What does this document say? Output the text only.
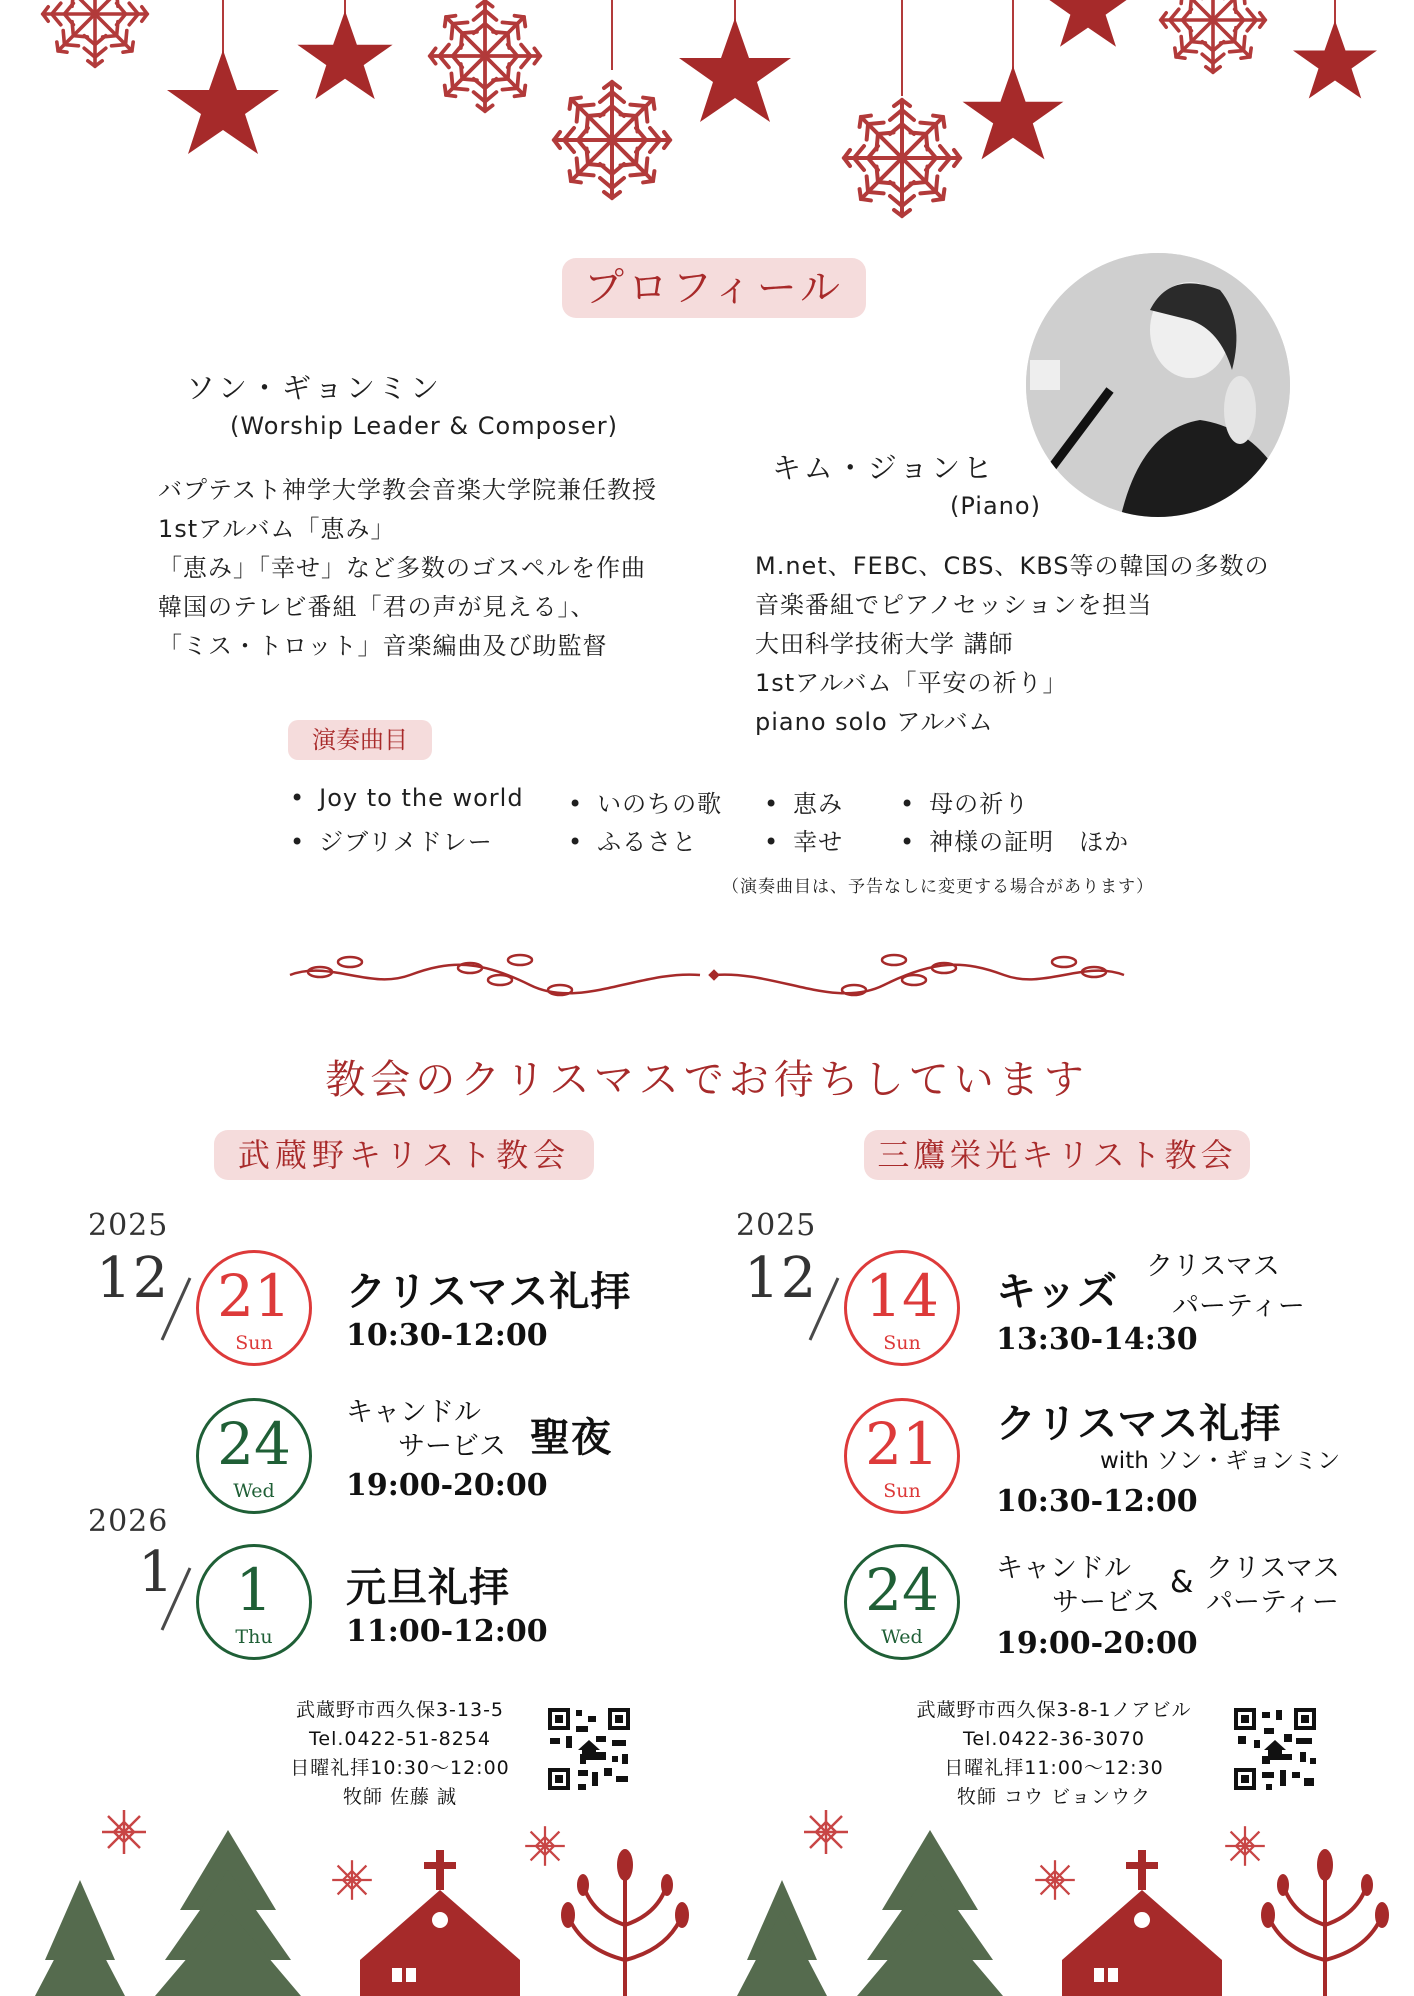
プロフィール
ソン・ギョンミン
(Worship Leader & Composer)
バプテスト神学大学教会音楽大学院兼任教授
1stアルバム「恵み」
「恵み」「幸せ」など多数のゴスペルを作曲
韓国のテレビ番組「君の声が見える」、
「ミス・トロット」音楽編曲及び助監督
キム・ジョンヒ
(Piano)
M.net、FEBC、CBS、KBS等の韓国の多数の
音楽番組でピアノセッションを担当
大田科学技術大学 講師
1stアルバム「平安の祈り」
piano solo アルバム
演奏曲目
• Joy to the world
• ジブリメドレー
• いのちの歌
• ふるさと
• 恵み
• 幸せ
• 母の祈り
• 神様の証明　ほか
（演奏曲目は、予告なしに変更する場合があります）
教会のクリスマスでお待ちしています
武蔵野キリスト教会
2025
12 21
Sun
クリスマス礼拝
10:30-12:00
24
Wed
キャンドル
サービス 聖夜
19:00-20:00
2026
1	1
Thu
元旦礼拝
11:00-12:00
武蔵野市西久保3-13-5
Tel.0422-51-8254
日曜礼拝10:30～12:00
牧師 佐藤 誠
三鷹栄光キリスト教会
2025
12 14
Sun
キッズ
クリスマス
パーティー
13:30-14:30
21
Sun
クリスマス礼拝
with ソン・ギョンミン
10:30-12:00
24
Wed
キャンドル
サービス
& クリスマス
パーティー
19:00-20:00
武蔵野市西久保3-8-1ノアビル
Tel.0422-36-3070
日曜礼拝11:00～12:30
牧師 コウ ビョンウク
